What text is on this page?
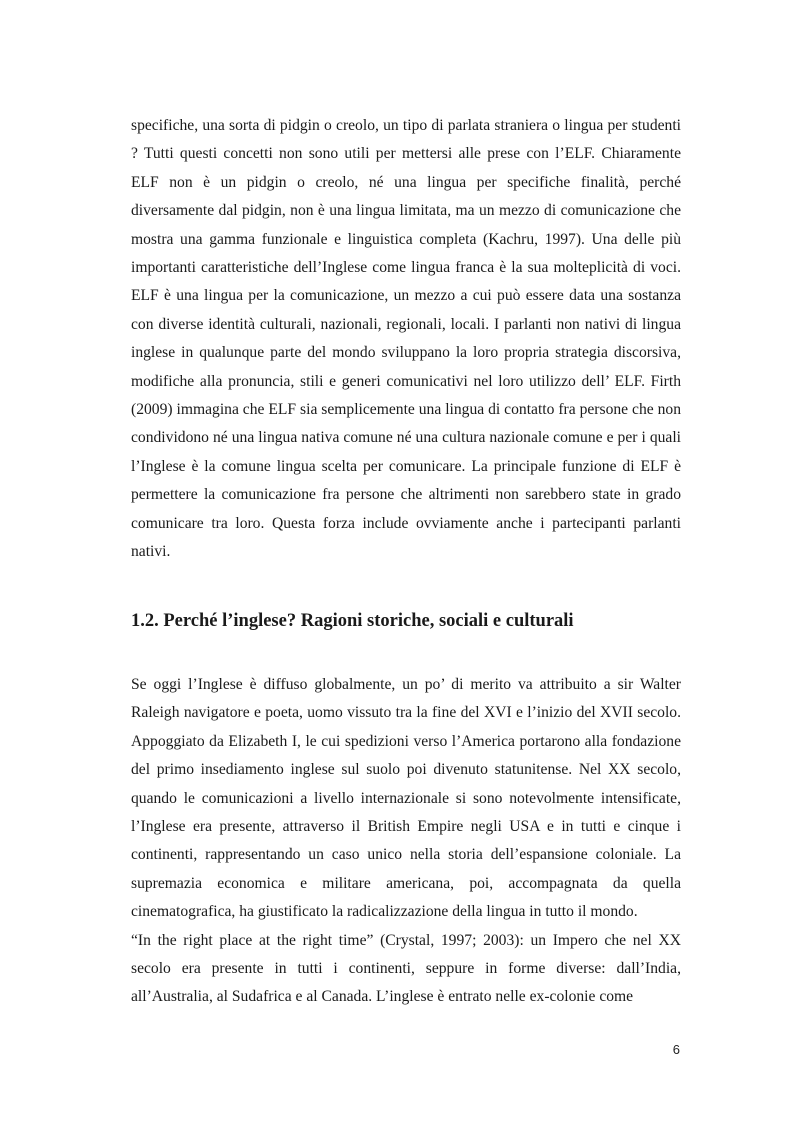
specifiche, una sorta di pidgin o creolo, un tipo di parlata straniera o lingua per studenti ? Tutti questi concetti non sono utili per mettersi alle prese con l’ELF. Chiaramente ELF non è un pidgin o creolo, né una lingua per specifiche finalità, perché diversamente dal pidgin, non è una lingua limitata, ma un mezzo di comunicazione che mostra una gamma funzionale e linguistica completa (Kachru, 1997). Una delle più importanti caratteristiche dell’Inglese come lingua franca è la sua molteplicità di voci. ELF è una lingua per la comunicazione, un mezzo a cui può essere data una sostanza con diverse identità culturali, nazionali, regionali, locali. I parlanti non nativi di lingua inglese in qualunque parte del mondo sviluppano la loro propria strategia discorsiva, modifiche alla pronuncia, stili e generi comunicativi nel loro utilizzo dell’ ELF. Firth (2009) immagina che ELF sia semplicemente una lingua di contatto fra persone che non condividono né una lingua nativa comune né una cultura nazionale comune e per i quali l’Inglese è la comune lingua scelta per comunicare. La principale funzione di ELF è permettere la comunicazione fra persone che altrimenti non sarebbero state in grado comunicare tra loro. Questa forza include ovviamente anche i partecipanti parlanti nativi.

1.2. Perché l’inglese? Ragioni storiche, sociali e culturali

Se oggi l’Inglese è diffuso globalmente, un po’ di merito va attribuito a sir Walter Raleigh navigatore e poeta, uomo vissuto tra la fine del XVI e l’inizio del XVII secolo. Appoggiato da Elizabeth I, le cui spedizioni verso l’America portarono alla fondazione del primo insediamento inglese sul suolo poi divenuto statunitense. Nel XX secolo, quando le comunicazioni a livello internazionale si sono notevolmente intensificate, l’Inglese era presente, attraverso il British Empire negli USA e in tutti e cinque i continenti, rappresentando un caso unico nella storia dell’espansione coloniale. La supremazia economica e militare americana, poi, accompagnata da quella cinematografica, ha giustificato la radicalizzazione della lingua in tutto il mondo.

“In the right place at the right time” (Crystal, 1997; 2003): un Impero che nel XX secolo era presente in tutti i continenti, seppure in forme diverse: dall’India, all’Australia, al Sudafrica e al Canada. L’inglese è entrato nelle ex-colonie come

6
